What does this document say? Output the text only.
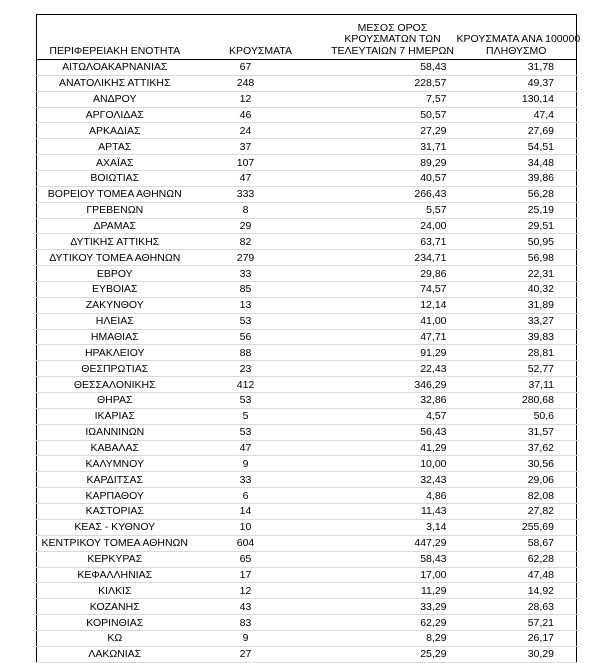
ΠΕΡΙΦΕΡΕΙΑΚΗ ΕΝΟΤΗΤΑ	ΚΡΟΥΣΜΑΤΑ	ΜΕΣΟΣ ΟΡΟΣ
ΚΡΟΥΣΜΑΤΩΝ ΤΩΝ
ΤΕΛΕΥΤΑΙΩΝ 7 ΗΜΕΡΩΝ	ΚΡΟΥΣΜΑΤΑ ΑΝΑ 100000
ΠΛΗΘΥΣΜΟ

ΑΙΤΩΛΟΑΚΑΡΝΑΝΙΑΣ	67	58,43	31,78
ΑΝΑΤΟΛΙΚΗΣ ΑΤΤΙΚΗΣ	248	228,57	49,37
ΑΝΔΡΟΥ	12	7,57	130,14
ΑΡΓΟΛΙΔΑΣ	46	50,57	47,4
ΑΡΚΑΔΙΑΣ	24	27,29	27,69
ΑΡΤΑΣ	37	31,71	54,51
ΑΧΑΪΑΣ	107	89,29	34,48
ΒΟΙΩΤΙΑΣ	47	40,57	39,86
ΒΟΡΕΙΟΥ ΤΟΜΕΑ ΑΘΗΝΩΝ	333	266,43	56,28
ΓΡΕΒΕΝΩΝ	8	5,57	25,19
ΔΡΑΜΑΣ	29	24,00	29,51
ΔΥΤΙΚΗΣ ΑΤΤΙΚΗΣ	82	63,71	50,95
ΔΥΤΙΚΟΥ ΤΟΜΕΑ ΑΘΗΝΩΝ	279	234,71	56,98
ΕΒΡΟΥ	33	29,86	22,31
ΕΥΒΟΙΑΣ	85	74,57	40,32
ΖΑΚΥΝΘΟΥ	13	12,14	31,89
ΗΛΕΙΑΣ	53	41,00	33,27
ΗΜΑΘΙΑΣ	56	47,71	39,83
ΗΡΑΚΛΕΙΟΥ	88	91,29	28,81
ΘΕΣΠΡΩΤΙΑΣ	23	22,43	52,77
ΘΕΣΣΑΛΟΝΙΚΗΣ	412	346,29	37,11
ΘΗΡΑΣ	53	32,86	280,68
ΙΚΑΡΙΑΣ	5	4,57	50,6
ΙΩΑΝΝΙΝΩΝ	53	56,43	31,57
ΚΑΒΑΛΑΣ	47	41,29	37,62
ΚΑΛΥΜΝΟΥ	9	10,00	30,56
ΚΑΡΔΙΤΣΑΣ	33	32,43	29,06
ΚΑΡΠΑΘΟΥ	6	4,86	82,08
ΚΑΣΤΟΡΙΑΣ	14	11,43	27,82
ΚΕΑΣ - ΚΥΘΝΟΥ	10	3,14	255,69
ΚΕΝΤΡΙΚΟΥ ΤΟΜΕΑ ΑΘΗΝΩΝ	604	447,29	58,67
ΚΕΡΚΥΡΑΣ	65	58,43	62,28
ΚΕΦΑΛΛΗΝΙΑΣ	17	17,00	47,48
ΚΙΛΚΙΣ	12	11,29	14,92
ΚΟΖΑΝΗΣ	43	33,29	28,63
ΚΟΡΙΝΘΙΑΣ	83	62,29	57,21
ΚΩ	9	8,29	26,17
ΛΑΚΩΝΙΑΣ	27	25,29	30,29
